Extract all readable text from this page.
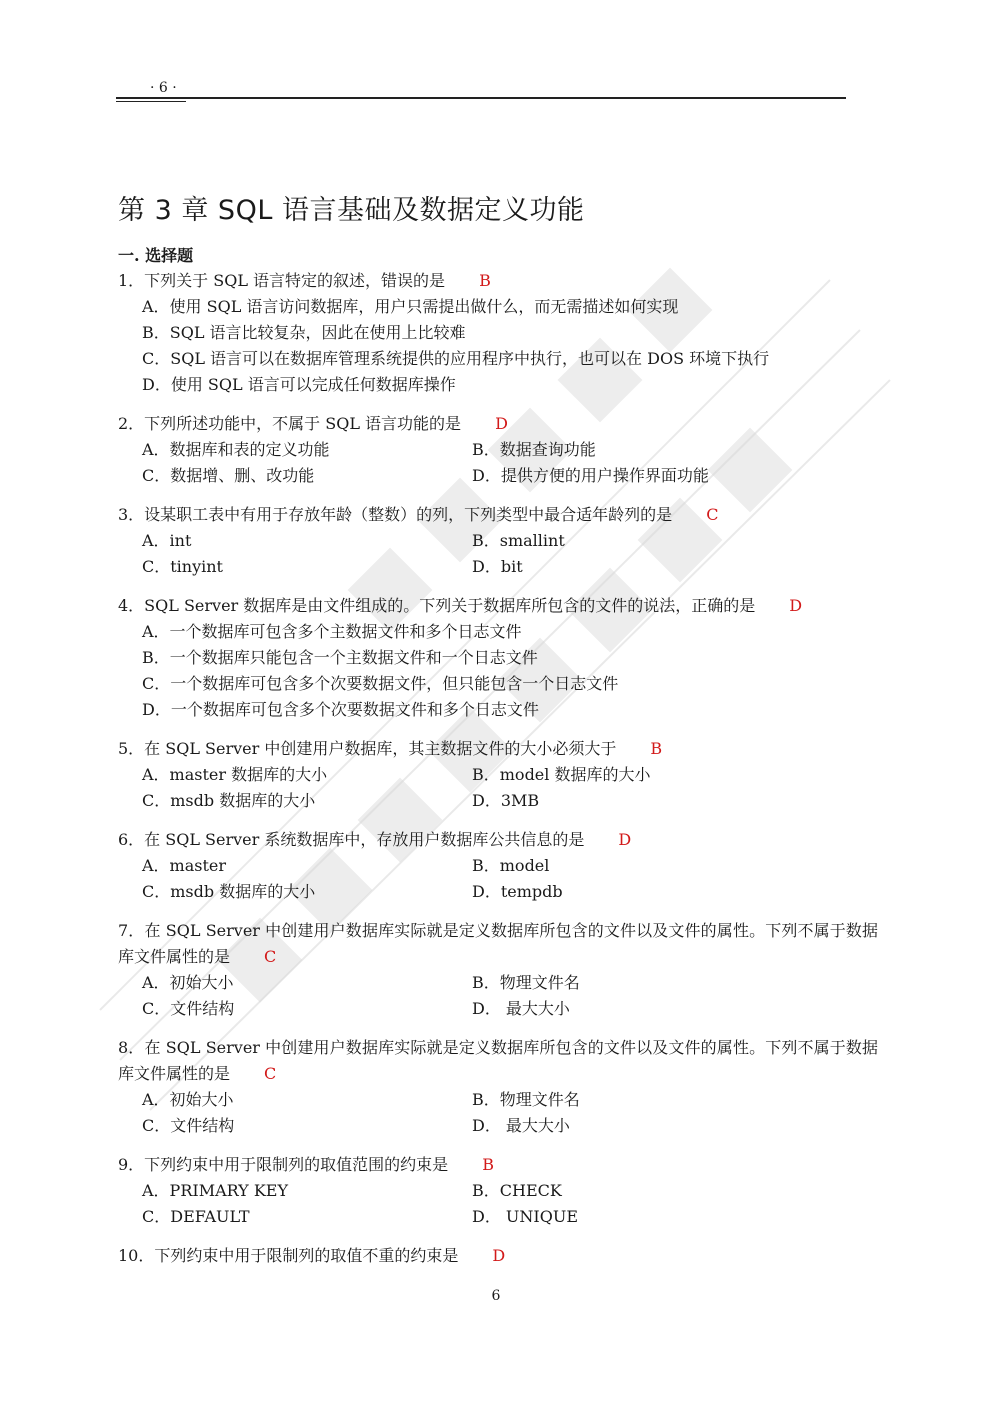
· 6 ·
第 3 章 SQL 语言基础及数据定义功能
一. 选择题
1．下列关于 SQL 语言特定的叙述，错误的是 B
A．使用 SQL 语言访问数据库，用户只需提出做什么，而无需描述如何实现
B．SQL 语言比较复杂，因此在使用上比较难
C．SQL 语言可以在数据库管理系统提供的应用程序中执行，也可以在 DOS 环境下执行
D．使用 SQL 语言可以完成任何数据库操作
2．下列所述功能中，不属于 SQL 语言功能的是 D
A．数据库和表的定义功能	B．数据查询功能
C．数据增、删、改功能	D．提供方便的用户操作界面功能
3．设某职工表中有用于存放年龄（整数）的列，下列类型中最合适年龄列的是 C
A．int	B．smallint
C．tinyint	D．bit
4．SQL Server 数据库是由文件组成的。下列关于数据库所包含的文件的说法，正确的是 D
A．一个数据库可包含多个主数据文件和多个日志文件
B．一个数据库只能包含一个主数据文件和一个日志文件
C．一个数据库可包含多个次要数据文件，但只能包含一个日志文件
D．一个数据库可包含多个次要数据文件和多个日志文件
5．在 SQL Server 中创建用户数据库，其主数据文件的大小必须大于 B
A．master 数据库的大小	B．model 数据库的大小
C．msdb 数据库的大小	D．3MB
6．在 SQL Server 系统数据库中，存放用户数据库公共信息的是 D
A．master	B．model
C．msdb 数据库的大小	D．tempdb
7．在 SQL Server 中创建用户数据库实际就是定义数据库所包含的文件以及文件的属性。下列不属于数据库文件属性的是 C
A．初始大小	B．物理文件名
C．文件结构	D． 最大大小
8．在 SQL Server 中创建用户数据库实际就是定义数据库所包含的文件以及文件的属性。下列不属于数据库文件属性的是 C
A．初始大小	B．物理文件名
C．文件结构	D． 最大大小
9．下列约束中用于限制列的取值范围的约束是 B
A．PRIMARY KEY	B．CHECK
C．DEFAULT	D． UNIQUE
10．下列约束中用于限制列的取值不重的约束是 D
6
